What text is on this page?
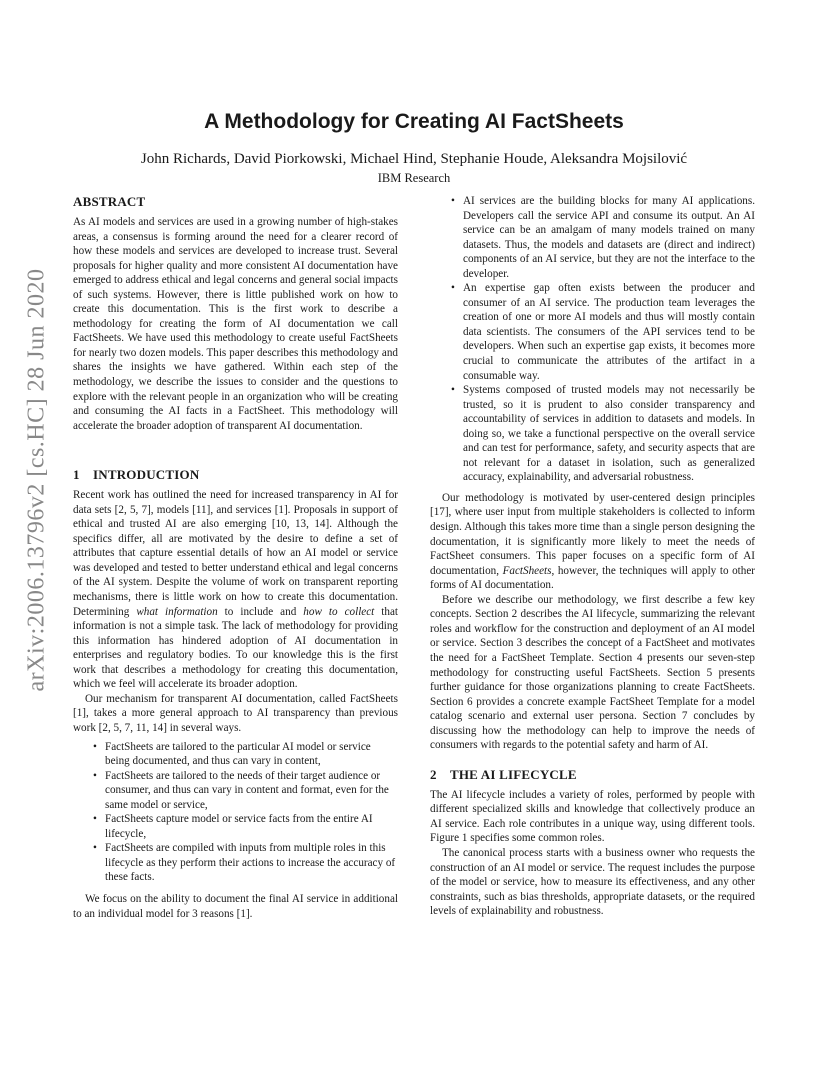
A Methodology for Creating AI FactSheets
John Richards, David Piorkowski, Michael Hind, Stephanie Houde, Aleksandra Mojsilović
IBM Research
arXiv:2006.13796v2 [cs.HC] 28 Jun 2020
ABSTRACT

As AI models and services are used in a growing number of high-stakes areas, a consensus is forming around the need for a clearer record of how these models and services are developed to increase trust. Several proposals for higher quality and more consistent AI documentation have emerged to address ethical and legal concerns and general social impacts of such systems. However, there is little published work on how to create this documentation. This is the first work to describe a methodology for creating the form of AI documentation we call FactSheets. We have used this methodology to create useful FactSheets for nearly two dozen models. This paper describes this methodology and shares the insights we have gathered. Within each step of the methodology, we describe the issues to consider and the questions to explore with the relevant people in an organization who will be creating and consuming the AI facts in a FactSheet. This methodology will accelerate the broader adoption of transparent AI documentation.

1 INTRODUCTION

Recent work has outlined the need for increased transparency in AI for data sets [2, 5, 7], models [11], and services [1]. Proposals in support of ethical and trusted AI are also emerging [10, 13, 14]. Although the specifics differ, all are motivated by the desire to define a set of attributes that capture essential details of how an AI model or service was developed and tested to better understand ethical and legal concerns of the AI system. Despite the volume of work on transparent reporting mechanisms, there is little work on how to create this documentation. Determining what information to include and how to collect that information is not a simple task. The lack of methodology for providing this information has hindered adoption of AI documentation in enterprises and regulatory bodies. To our knowledge this is the first work that describes a methodology for creating this documentation, which we feel will accelerate its broader adoption.

Our mechanism for transparent AI documentation, called FactSheets [1], takes a more general approach to AI transparency than previous work [2, 5, 7, 11, 14] in several ways.

• FactSheets are tailored to the particular AI model or service being documented, and thus can vary in content,
• FactSheets are tailored to the needs of their target audience or consumer, and thus can vary in content and format, even for the same model or service,
• FactSheets capture model or service facts from the entire AI lifecycle,
• FactSheets are compiled with inputs from multiple roles in this lifecycle as they perform their actions to increase the accuracy of these facts.

We focus on the ability to document the final AI service in additional to an individual model for 3 reasons [1].

• AI services are the building blocks for many AI applications. Developers call the service API and consume its output. An AI service can be an amalgam of many models trained on many datasets. Thus, the models and datasets are (direct and indirect) components of an AI service, but they are not the interface to the developer.
• An expertise gap often exists between the producer and consumer of an AI service. The production team leverages the creation of one or more AI models and thus will mostly contain data scientists. The consumers of the API services tend to be developers. When such an expertise gap exists, it becomes more crucial to communicate the attributes of the artifact in a consumable way.
• Systems composed of trusted models may not necessarily be trusted, so it is prudent to also consider transparency and accountability of services in addition to datasets and models. In doing so, we take a functional perspective on the overall service and can test for performance, safety, and security aspects that are not relevant for a dataset in isolation, such as generalized accuracy, explainability, and adversarial robustness.

Our methodology is motivated by user-centered design principles [17], where user input from multiple stakeholders is collected to inform design. Although this takes more time than a single person designing the documentation, it is significantly more likely to meet the needs of FactSheet consumers. This paper focuses on a specific form of AI documentation, FactSheets, however, the techniques will apply to other forms of AI documentation.

Before we describe our methodology, we first describe a few key concepts. Section 2 describes the AI lifecycle, summarizing the relevant roles and workflow for the construction and deployment of an AI model or service. Section 3 describes the concept of a FactSheet and motivates the need for a FactSheet Template. Section 4 presents our seven-step methodology for constructing useful FactSheets. Section 5 presents further guidance for those organizations planning to create FactSheets. Section 6 provides a concrete example FactSheet Template for a model catalog scenario and external user persona. Section 7 concludes by discussing how the methodology can help to improve the needs of consumers with regards to the potential safety and harm of AI.

2 THE AI LIFECYCLE

The AI lifecycle includes a variety of roles, performed by people with different specialized skills and knowledge that collectively produce an AI service. Each role contributes in a unique way, using different tools. Figure 1 specifies some common roles.

The canonical process starts with a business owner who requests the construction of an AI model or service. The request includes the purpose of the model or service, how to measure its effectiveness, and any other constraints, such as bias thresholds, appropriate datasets, or the required levels of explainability and robustness.
